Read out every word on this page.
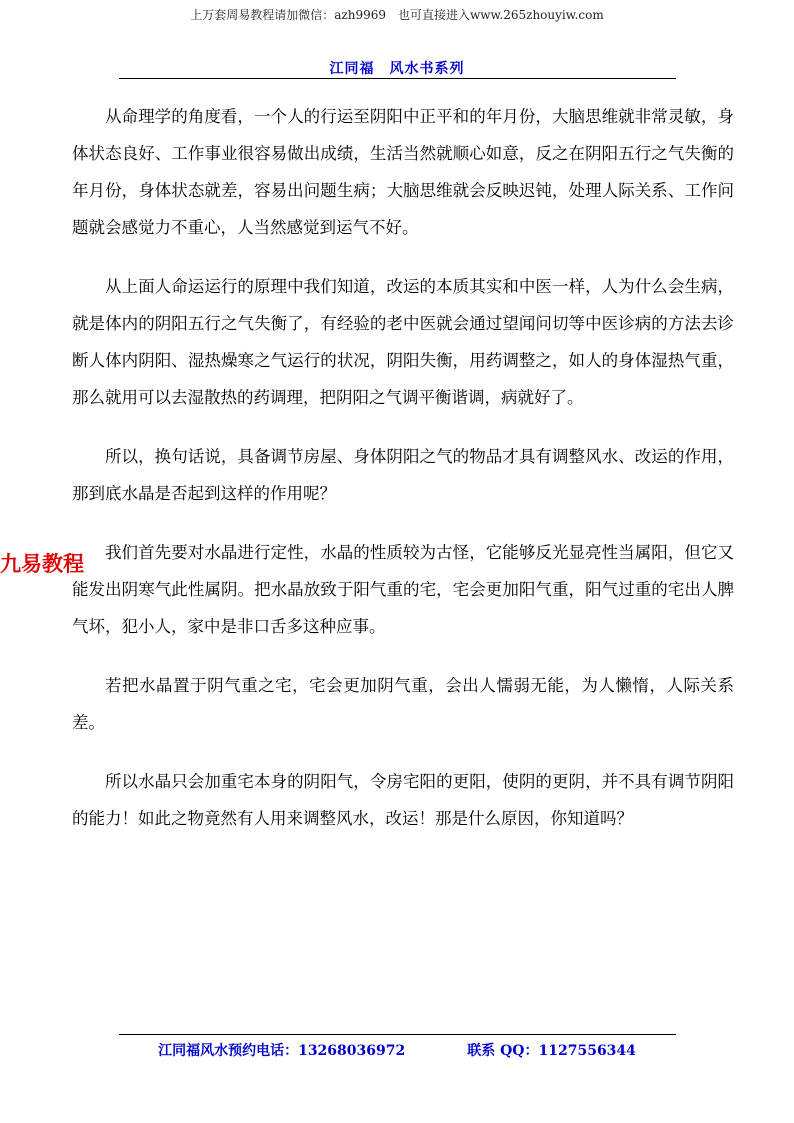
上万套周易教程请加微信：azh9969　也可直接进入www.265zhouyiw.com
江同福　风水书系列

从命理学的角度看，一个人的行运至阴阳中正平和的年月份，大脑思维就非常灵敏，身体状态良好、工作事业很容易做出成绩，生活当然就顺心如意，反之在阴阳五行之气失衡的年月份，身体状态就差，容易出问题生病；大脑思维就会反映迟钝，处理人际关系、工作问题就会感觉力不重心，人当然感觉到运气不好。

从上面人命运运行的原理中我们知道，改运的本质其实和中医一样，人为什么会生病，就是体内的阴阳五行之气失衡了，有经验的老中医就会通过望闻问切等中医诊病的方法去诊断人体内阴阳、湿热燥寒之气运行的状况，阴阳失衡，用药调整之，如人的身体湿热气重，那么就用可以去湿散热的药调理，把阴阳之气调平衡谐调，病就好了。

所以，换句话说，具备调节房屋、身体阴阳之气的物品才具有调整风水、改运的作用，那到底水晶是否起到这样的作用呢？

我们首先要对水晶进行定性，水晶的性质较为古怪，它能够反光显亮性当属阳，但它又能发出阴寒气此性属阴。把水晶放致于阳气重的宅，宅会更加阳气重，阳气过重的宅出人脾气坏，犯小人，家中是非口舌多这种应事。

若把水晶置于阴气重之宅，宅会更加阴气重，会出人懦弱无能，为人懒惰，人际关系差。

所以水晶只会加重宅本身的阴阳气，令房宅阳的更阳，使阴的更阴，并不具有调节阴阳的能力！如此之物竟然有人用来调整风水，改运！那是什么原因，你知道吗？

九易教程
江同福风水预约电话：13268036972	联系 QQ：1127556344
